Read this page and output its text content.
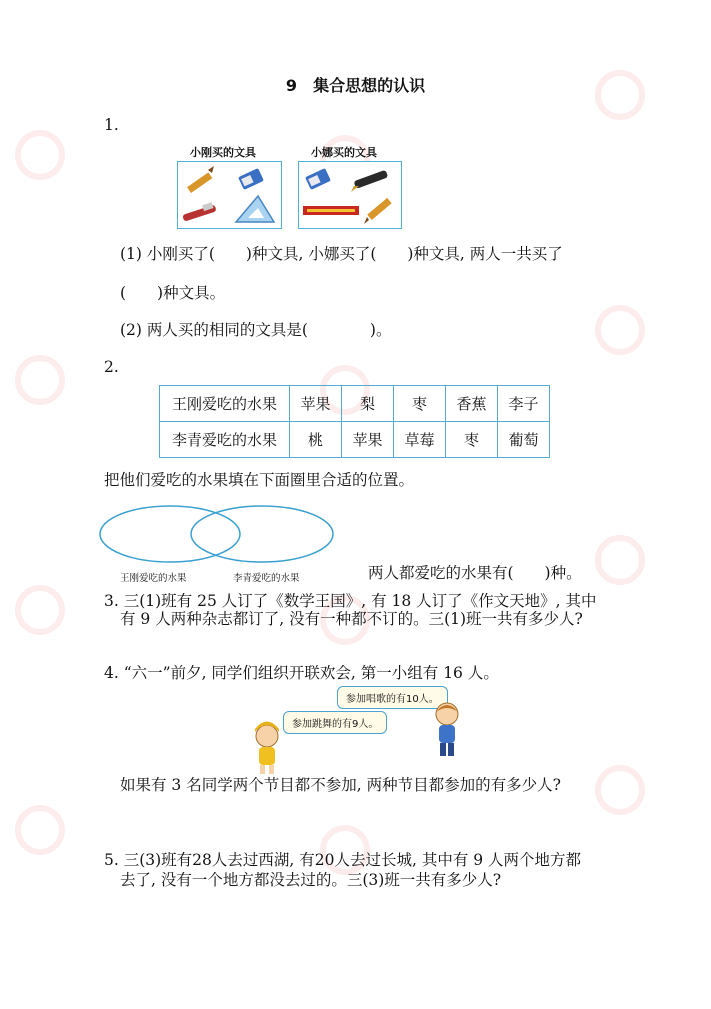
9 集合思想的认识
1.
小刚买的文具	小娜买的文具
(1) 小刚买了(　　)种文具, 小娜买了(　　)种文具, 两人一共买了
(　　)种文具。
(2) 两人买的相同的文具是(　　　　)。
2.
王刚爱吃的水果	苹果	梨	枣	香蕉	李子
李青爱吃的水果	桃	苹果	草莓	枣	葡萄
把他们爱吃的水果填在下面圈里合适的位置。
王刚爱吃的水果	李青爱吃的水果	两人都爱吃的水果有(　　)种。
3. 三(1)班有 25 人订了《数学王国》, 有 18 人订了《作文天地》, 其中
有 9 人两种杂志都订了, 没有一种都不订的。三(1)班一共有多少人?
4. “六一”前夕, 同学们组织开联欢会, 第一小组有 16 人。
参加唱歌的有10人。
参加跳舞的有9人。
如果有 3 名同学两个节目都不参加, 两种节目都参加的有多少人?
5. 三(3)班有28人去过西湖, 有20人去过长城, 其中有 9 人两个地方都
去了, 没有一个地方都没去过的。三(3)班一共有多少人?
